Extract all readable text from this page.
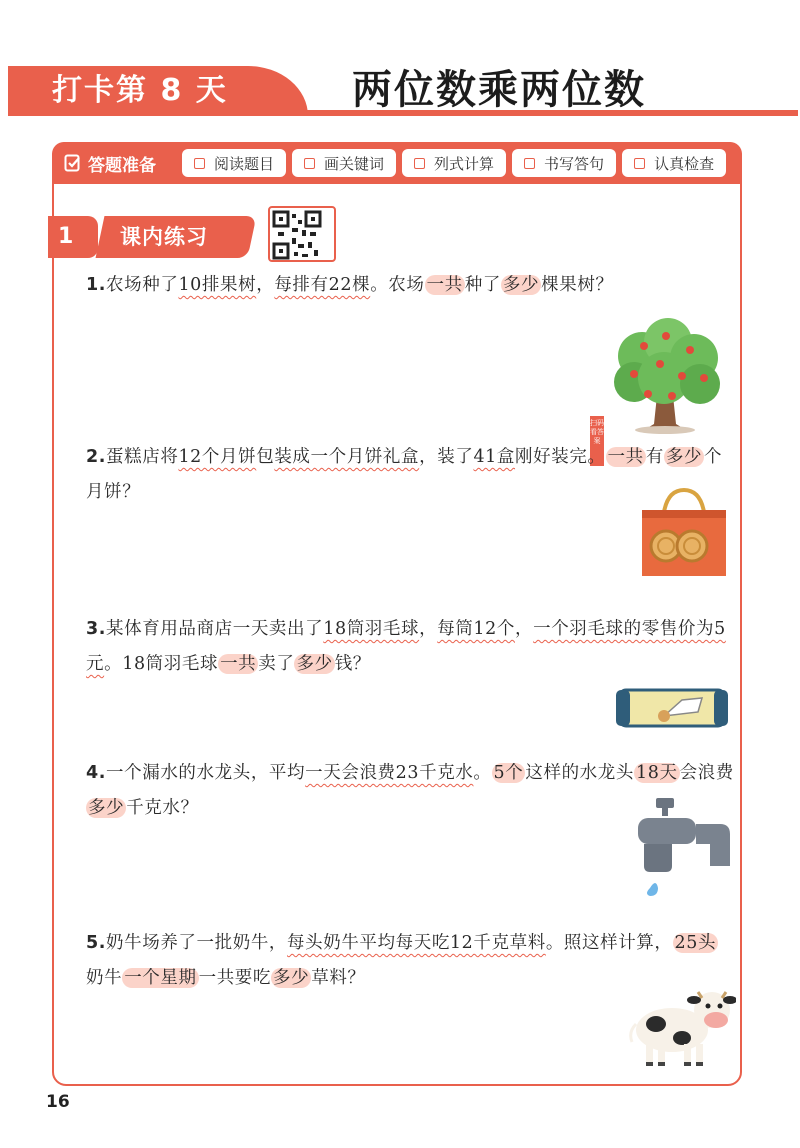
打卡第 8 天	两位数乘两位数
答题准备	阅读题目	画关键词	列式计算	书写答句	认真检查
1	课内练习
扫码看答案
1.农场种了10排果树，每排有22棵。农场 一共 种了 多少 棵果树？
2.蛋糕店将12个月饼包装成一个月饼礼盒，装了41盒刚好装完。 一共 有 多少 个月饼？
3.某体育用品商店一天卖出了18筒羽毛球，每筒12个，一个羽毛球的零售价为5元。18筒羽毛球 一共 卖了 多少 钱？
4.一个漏水的水龙头，平均一天会浪费23千克水。 5个 这样的水龙头 18天 会浪费多少 千克水？
5.奶牛场养了一批奶牛，每头奶牛平均每天吃12千克草料。照这样计算， 25头奶牛 一个星期 一共要吃 多少 草料？
16
